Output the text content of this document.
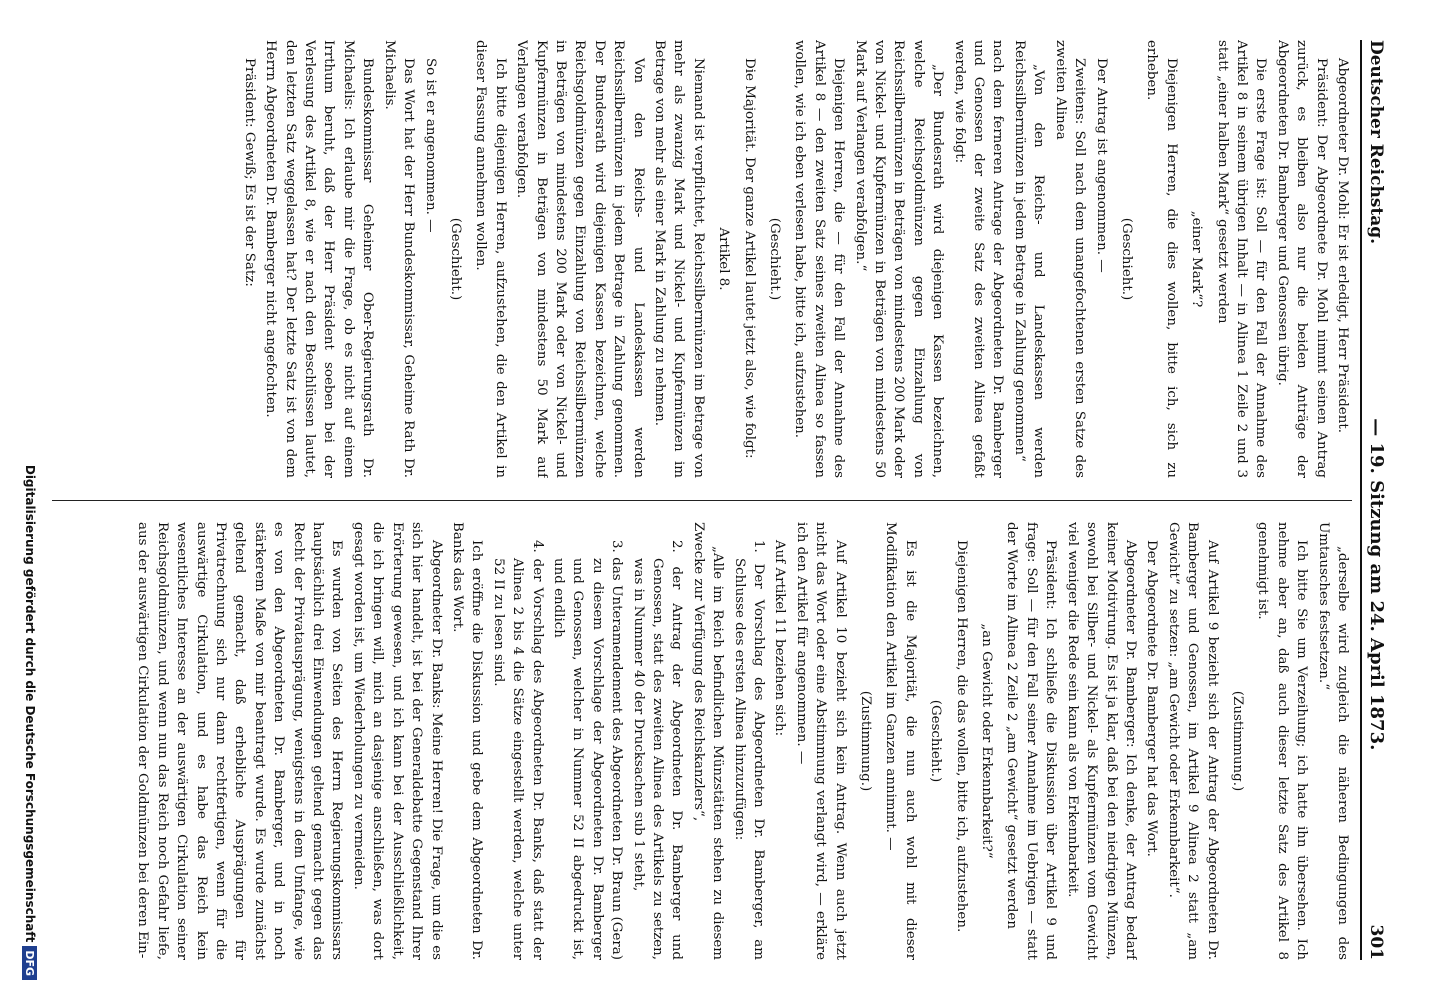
Deutscher Reichstag.
— 19. Sitzung am 24. April 1873.
301

Abgeordneter Dr. Mohl: Er ist erledigt, Herr Präsident.

Präsident: Der Abgeordnete Dr. Mohl nimmt seinen Antrag zurück, es bleiben also nur die beiden Anträge der Abgeordneten Dr. Bamberger und Genossen übrig.

Die erste Frage ist: Soll — für den Fall der Annahme des Artikel 8 in seinem übrigen Inhalt — in Alinea 1 Zeile 2 und 3 statt „einer halben Mark“ gesetzt werden

„einer Mark“?

Diejenigen Herren, die dies wollen, bitte ich, sich zu erheben.

(Geschieht.)

Der Antrag ist angenommen. —

Zweitens: Soll nach dem unangefochtenen ersten Satze des zweiten Alinea

„Von den Reichs- und Landeskassen werden Reichssilbermünzen in jedem Betrage in Zahlung genommen“

nach dem ferneren Antrage der Abgeordneten Dr. Bamberger und Genossen der zweite Satz des zweiten Alinea gefaßt werden, wie folgt:

„Der Bundesrath wird diejenigen Kassen bezeichnen, welche Reichsgoldmünzen gegen Einzahlung von Reichssilbermünzen in Beträgen von mindestens 200 Mark oder von Nickel- und Kupfermünzen in Beträgen von mindestens 50 Mark auf Verlangen verabfolgen.“

Diejenigen Herren, die — für den Fall der Annahme des Artikel 8 — den zweiten Satz seines zweiten Alinea so fassen wollen, wie ich eben verlesen habe, bitte ich, aufzustehen.

(Geschieht.)

Die Majorität. Der ganze Artikel lautet jetzt also, wie folgt:

Artikel 8.

Niemand ist verpflichtet, Reichssilbermünzen im Betrage von mehr als zwanzig Mark und Nickel- und Kupfermünzen im Betrage von mehr als einer Mark in Zahlung zu nehmen.

Von den Reichs- und Landeskassen werden Reichssilbermünzen in jedem Betrage in Zahlung genommen. Der Bundesrath wird diejenigen Kassen bezeichnen, welche Reichsgoldmünzen gegen Einzahlung von Reichssilbermünzen in Beträgen von mindestens 200 Mark oder von Nickel- und Kupfermünzen in Beträgen von mindestens 50 Mark auf Verlangen verabfolgen.

Ich bitte diejenigen Herren, aufzustehen, die den Artikel in dieser Fassung annehmen wollen.

(Geschieht.)

So ist er angenommen. —

Das Wort hat der Herr Bundeskommissar, Geheime Rath Dr. Michaelis.

Bundeskommissar Geheimer Ober-Regierungsrath Dr. Michaelis: Ich erlaube mir die Frage, ob es nicht auf einem Irrthum beruht, daß der Herr Präsident soeben bei der Verlesung des Artikel 8, wie er nach den Beschlüssen lautet, den letzten Satz weggelassen hat? Der letzte Satz ist von dem Herrn Abgeordneten Dr. Bamberger nicht angefochten.

Präsident: Gewiß; Es ist der Satz:

„derselbe wird zugleich die näheren Bedingungen des Umtausches festsetzen.“

Ich bitte Sie um Verzeihung; ich hatte ihn übersehen. Ich nehme aber an, daß auch dieser letzte Satz des Artikel 8 genehmigt ist.

(Zustimmung.)

Auf Artikel 9 bezieht sich der Antrag der Abgeordneten Dr. Bamberger und Genossen, im Artikel 9 Alinea 2 statt „am Gewicht“ zu setzen: „am Gewicht oder Erkennbarkeit“.

Der Abgeordnete Dr. Bamberger hat das Wort.

Abgeordneter Dr. Bamberger: Ich denke, der Antrag bedarf keiner Motivirung. Es ist ja klar, daß bei den niedrigen Münzen, sowohl bei Silber- und Nickel- als Kupfermünzen vom Gewicht viel weniger die Rede sein kann als von Erkennbarkeit.

Präsident: Ich schließe die Diskussion über Artikel 9 und frage: Soll — für den Fall seiner Annahme im Uebrigen — statt der Worte im Alinea 2 Zeile 2 „am Gewicht“ gesetzt werden

„an Gewicht oder Erkennbarkeit?“

Diejenigen Herren, die das wollen, bitte ich, aufzustehen.

(Geschieht.)

Es ist die Majorität, die nun auch wohl mit dieser Modifikation den Artikel im Ganzen annimmt. —

(Zustimmung.)

Auf Artikel 10 bezieht sich kein Antrag. Wenn auch jetzt nicht das Wort oder eine Abstimmung verlangt wird, — erkläre ich den Artikel für angenommen. —

Auf Artikel 11 beziehen sich:

1. Der Vorschlag des Abgeordneten Dr. Bamberger, am Schlusse des ersten Alinea hinzuzufügen:

„Alle im Reich befindlichen Münzstätten stehen zu diesem Zwecke zur Verfügung des Reichskanzlers“,

2. der Antrag der Abgeordneten Dr. Bamberger und Genossen, statt des zweiten Alinea des Artikels zu setzen, was in Nummer 40 der Drucksachen sub 1 steht,

3. das Unteramendement des Abgeordneten Dr. Braun (Gera) zu diesem Vorschlage der Abgeordneten Dr. Bamberger und Genossen, welcher in Nummer 52 II abgedruckt ist, und endlich

4. der Vorschlag des Abgeordneten Dr. Banks, daß statt der Alinea 2 bis 4 die Sätze eingestellt werden, welche unter 52 II zu lesen sind.

Ich eröffne die Diskussion und gebe dem Abgeordneten Dr. Banks das Wort.

Abgeordneter Dr. Banks: Meine Herren! Die Frage, um die es sich hier handelt, ist bei der Generaldebatte Gegenstand Ihrer Erörterung gewesen, und ich kann bei der Ausschließlichkeit, die ich bringen will, mich an dasjenige anschließen, was dort gesagt worden ist, um Wiederholungen zu vermeiden.

Es wurden von Seiten des Herrn Regierungskommissars hauptsächlich drei Einwendungen geltend gemacht gegen das Recht der Privatausprägung, wenigstens in dem Umfange, wie es von den Abgeordneten Dr. Bamberger, und in noch stärkerem Maße von mir beantragt wurde. Es wurde zunächst geltend gemacht, daß erhebliche Ausprägungen für Privatrechnung sich nur dann rechtfertigen, wenn für die auswärtige Cirkulation, und es habe das Reich kein wesentliches Interesse an der auswärtigen Cirkulation seiner Reichsgoldmünzen, und wenn nun das Reich noch Gefahr liefe, aus der auswärtigen Cirkulation der Goldmünzen bei deren Ein-

Digitalisierung gefördert durch die Deutsche ForschungsgemeinschaftDFG
